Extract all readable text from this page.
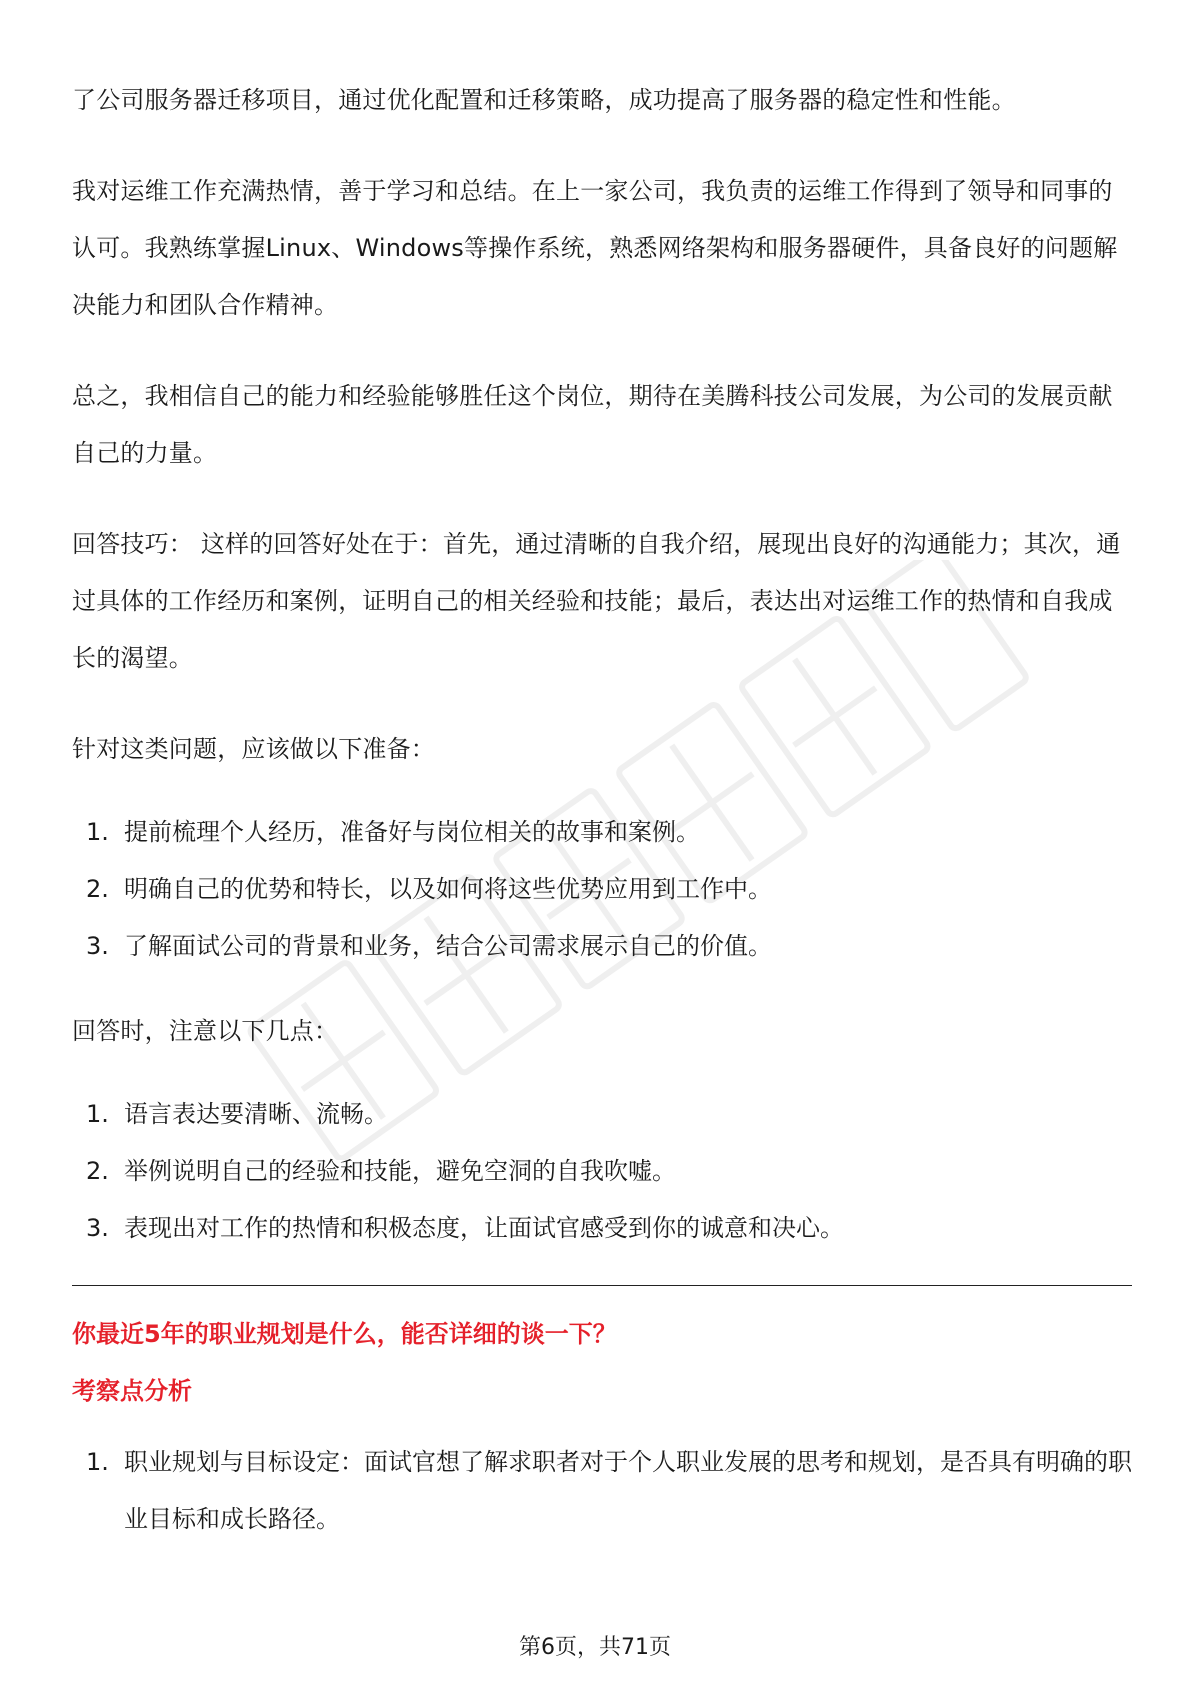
了公司服务器迁移项目，通过优化配置和迁移策略，成功提高了服务器的稳定性和性能。

我对运维工作充满热情，善于学习和总结。在上一家公司，我负责的运维工作得到了领导和同事的认可。我熟练掌握Linux、Windows等操作系统，熟悉网络架构和服务器硬件，具备良好的问题解决能力和团队合作精神。

总之，我相信自己的能力和经验能够胜任这个岗位，期待在美腾科技公司发展，为公司的发展贡献自己的力量。

回答技巧： 这样的回答好处在于：首先，通过清晰的自我介绍，展现出良好的沟通能力；其次，通过具体的工作经历和案例，证明自己的相关经验和技能；最后，表达出对运维工作的热情和自我成长的渴望。

针对这类问题，应该做以下准备：

1. 提前梳理个人经历，准备好与岗位相关的故事和案例。
2. 明确自己的优势和特长，以及如何将这些优势应用到工作中。
3. 了解面试公司的背景和业务，结合公司需求展示自己的价值。

回答时，注意以下几点：

1. 语言表达要清晰、流畅。
2. 举例说明自己的经验和技能，避免空洞的自我吹嘘。
3. 表现出对工作的热情和积极态度，让面试官感受到你的诚意和决心。

你最近5年的职业规划是什么，能否详细的谈一下？

考察点分析

1. 职业规划与目标设定：面试官想了解求职者对于个人职业发展的思考和规划，是否具有明确的职业目标和成长路径。
第6页，共71页
